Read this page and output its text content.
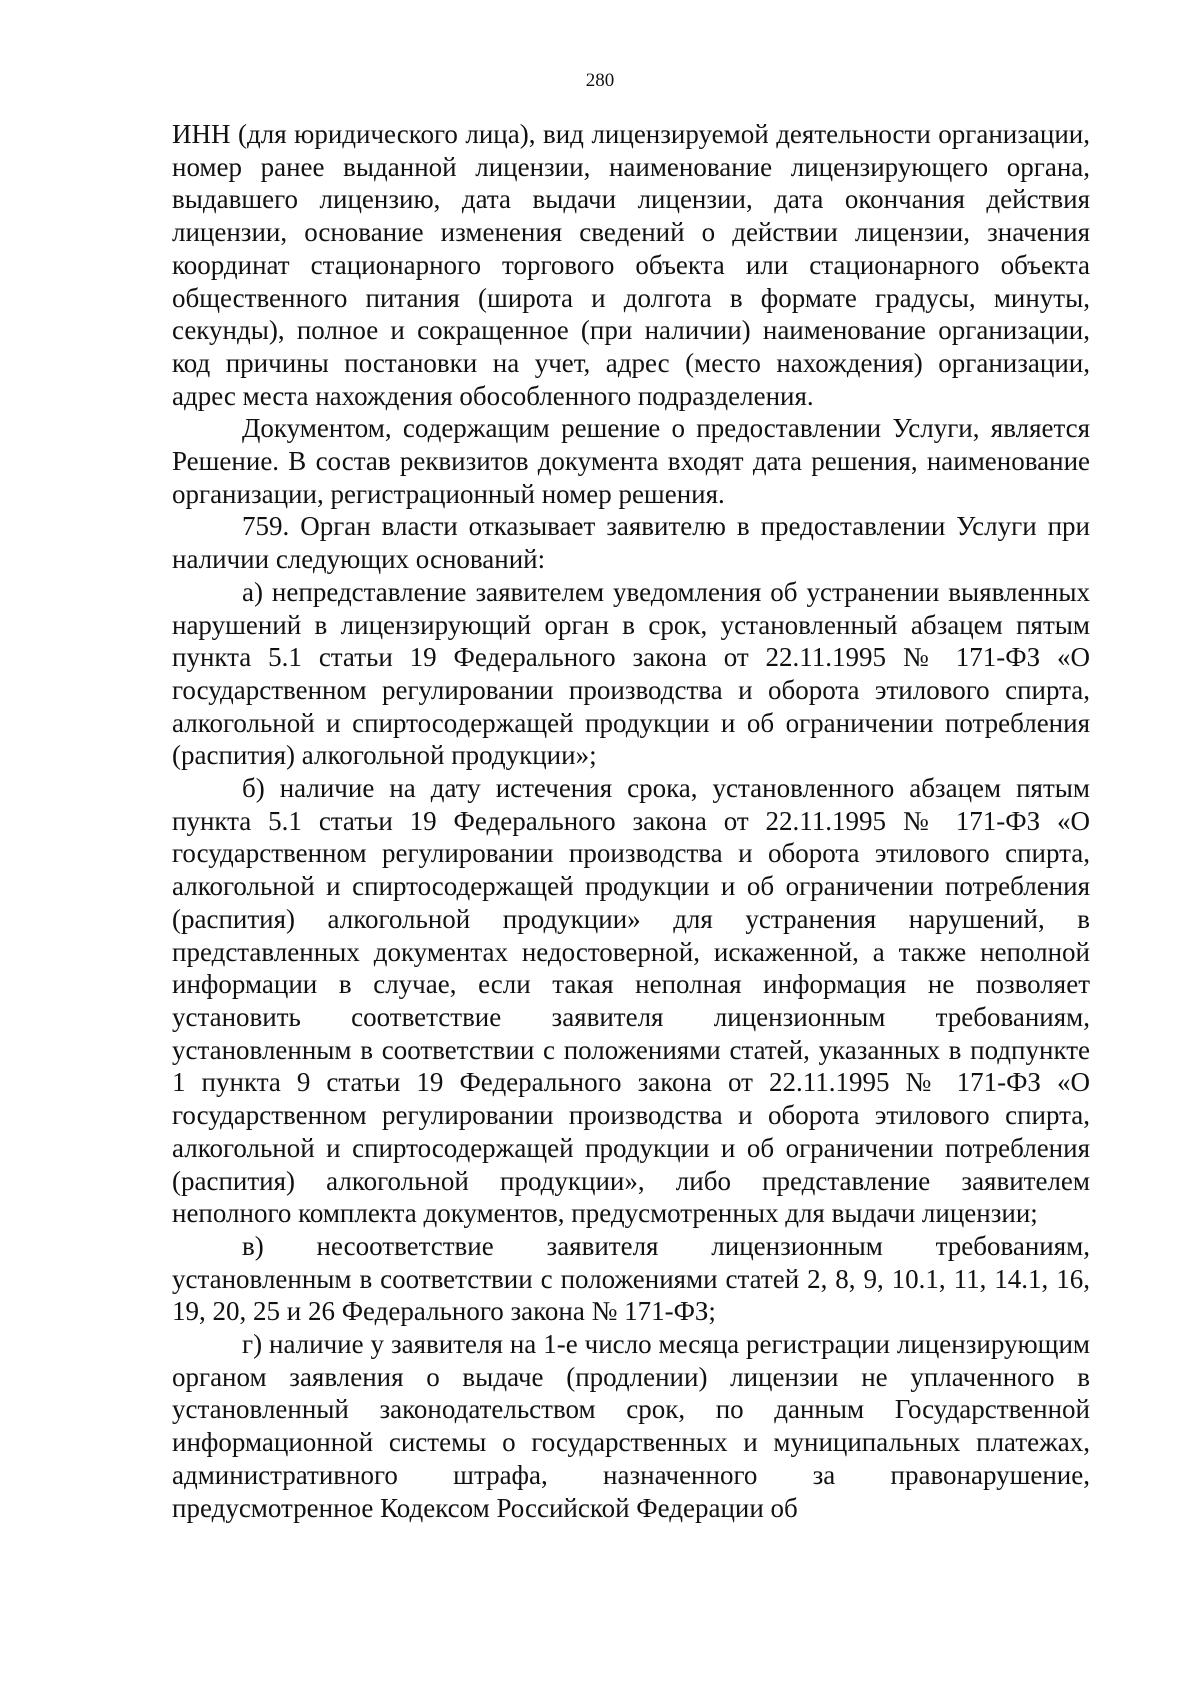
280

ИНН (для юридического лица), вид лицензируемой деятельности организации, номер ранее выданной лицензии, наименование лицензирующего органа, выдавшего лицензию, дата выдачи лицензии, дата окончания действия лицензии, основание изменения сведений о действии лицензии, значения координат стационарного торгового объекта или стационарного объекта общественного питания (широта и долгота в формате градусы, минуты, секунды), полное и сокращенное (при наличии) наименование организации, код причины постановки на учет, адрес (место нахождения) организации, адрес места нахождения обособленного подразделения.

Документом, содержащим решение о предоставлении Услуги, является Решение. В состав реквизитов документа входят дата решения, наименование организации, регистрационный номер решения.

759. Орган власти отказывает заявителю в предоставлении Услуги при наличии следующих оснований:

а) непредставление заявителем уведомления об устранении выявленных нарушений в лицензирующий орган в срок, установленный абзацем пятым пункта 5.1 статьи 19 Федерального закона от 22.11.1995 № 171-ФЗ «О государственном регулировании производства и оборота этилового спирта, алкогольной и спиртосодержащей продукции и об ограничении потребления (распития) алкогольной продукции»;

б) наличие на дату истечения срока, установленного абзацем пятым пункта 5.1 статьи 19 Федерального закона от 22.11.1995 № 171-ФЗ «О государственном регулировании производства и оборота этилового спирта, алкогольной и спиртосодержащей продукции и об ограничении потребления (распития) алкогольной продукции» для устранения нарушений, в представленных документах недостоверной, искаженной, а также неполной информации в случае, если такая неполная информация не позволяет установить соответствие заявителя лицензионным требованиям, установленным в соответствии с положениями статей, указанных в подпункте 1 пункта 9 статьи 19 Федерального закона от 22.11.1995 № 171-ФЗ «О государственном регулировании производства и оборота этилового спирта, алкогольной и спиртосодержащей продукции и об ограничении потребления (распития) алкогольной продукции», либо представление заявителем неполного комплекта документов, предусмотренных для выдачи лицензии;

в) несоответствие заявителя лицензионным требованиям, установленным в соответствии с положениями статей 2, 8, 9, 10.1, 11, 14.1, 16, 19, 20, 25 и 26 Федерального закона № 171-ФЗ;

г) наличие у заявителя на 1-е число месяца регистрации лицензирующим органом заявления о выдаче (продлении) лицензии не уплаченного в установленный законодательством срок, по данным Государственной информационной системы о государственных и муниципальных платежах, административного штрафа, назначенного за правонарушение, предусмотренное Кодексом Российской Федерации об
